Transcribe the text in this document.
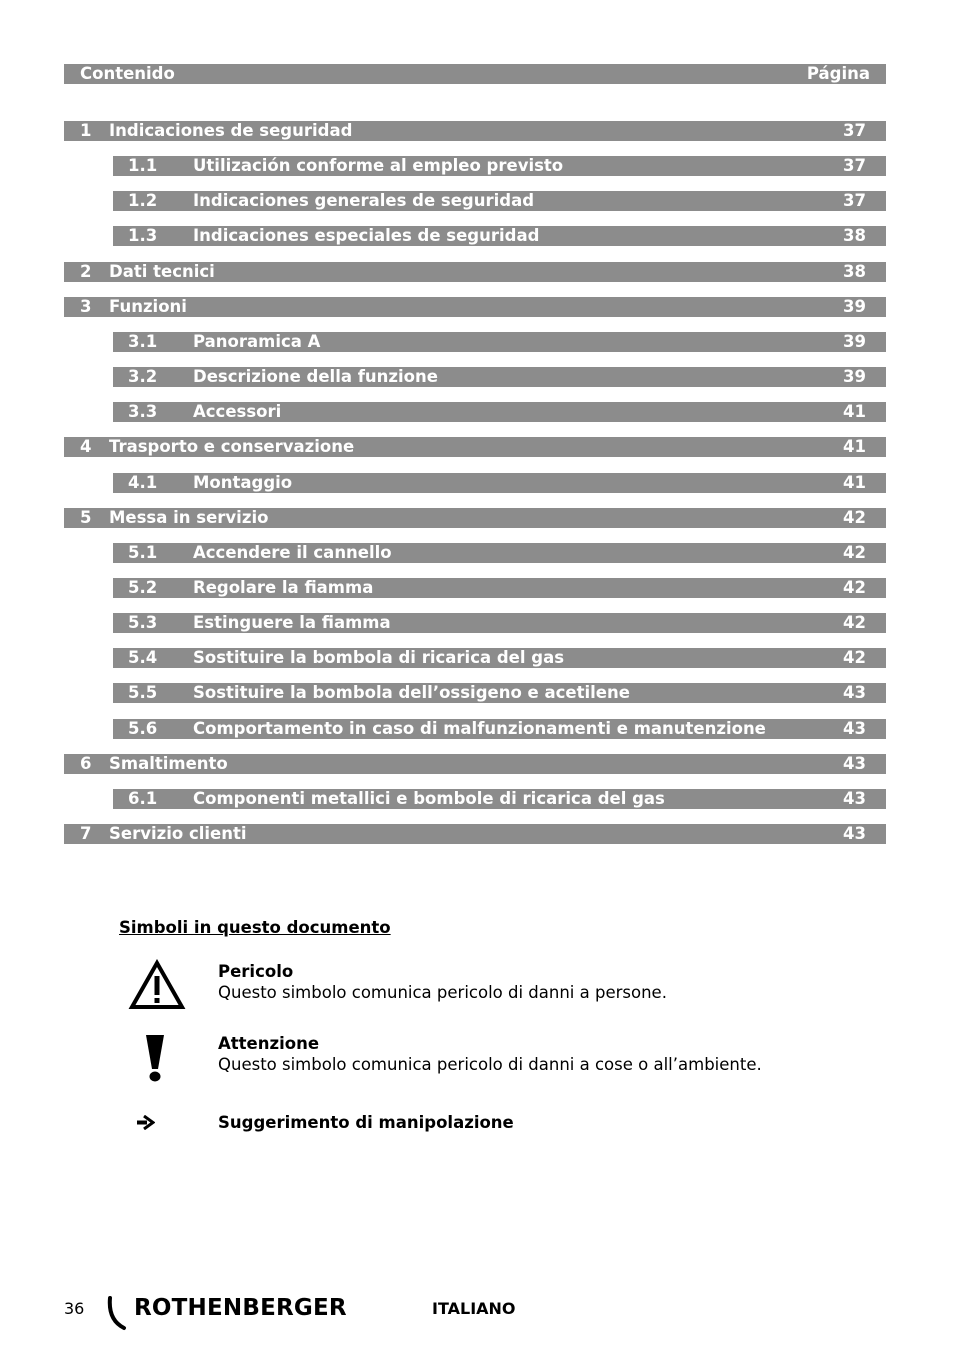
Contenido	Página
1 Indicaciones de seguridad	37
1.1 Utilización conforme al empleo previsto	37
1.2 Indicaciones generales de seguridad	37
1.3 Indicaciones especiales de seguridad	38
2 Dati tecnici	38
3 Funzioni	39
3.1 Panoramica A	39
3.2 Descrizione della funzione	39
3.3 Accessori	41
4 Trasporto e conservazione	41
4.1 Montaggio	41
5 Messa in servizio	42
5.1 Accendere il cannello	42
5.2 Regolare la fiamma	42
5.3 Estinguere la fiamma	42
5.4 Sostituire la bombola di ricarica del gas	42
5.5 Sostituire la bombola dell’ossigeno e acetilene	43
5.6 Comportamento in caso di malfunzionamenti e manutenzione	43
6 Smaltimento	43
6.1 Componenti metallici e bombole di ricarica del gas	43
7 Servizio clienti	43
Simboli in questo documento
Pericolo
Questo simbolo comunica pericolo di danni a persone.
Attenzione
Questo simbolo comunica pericolo di danni a cose o all’ambiente.
Suggerimento di manipolazione
36 ROTHENBERGER	ITALIANO
